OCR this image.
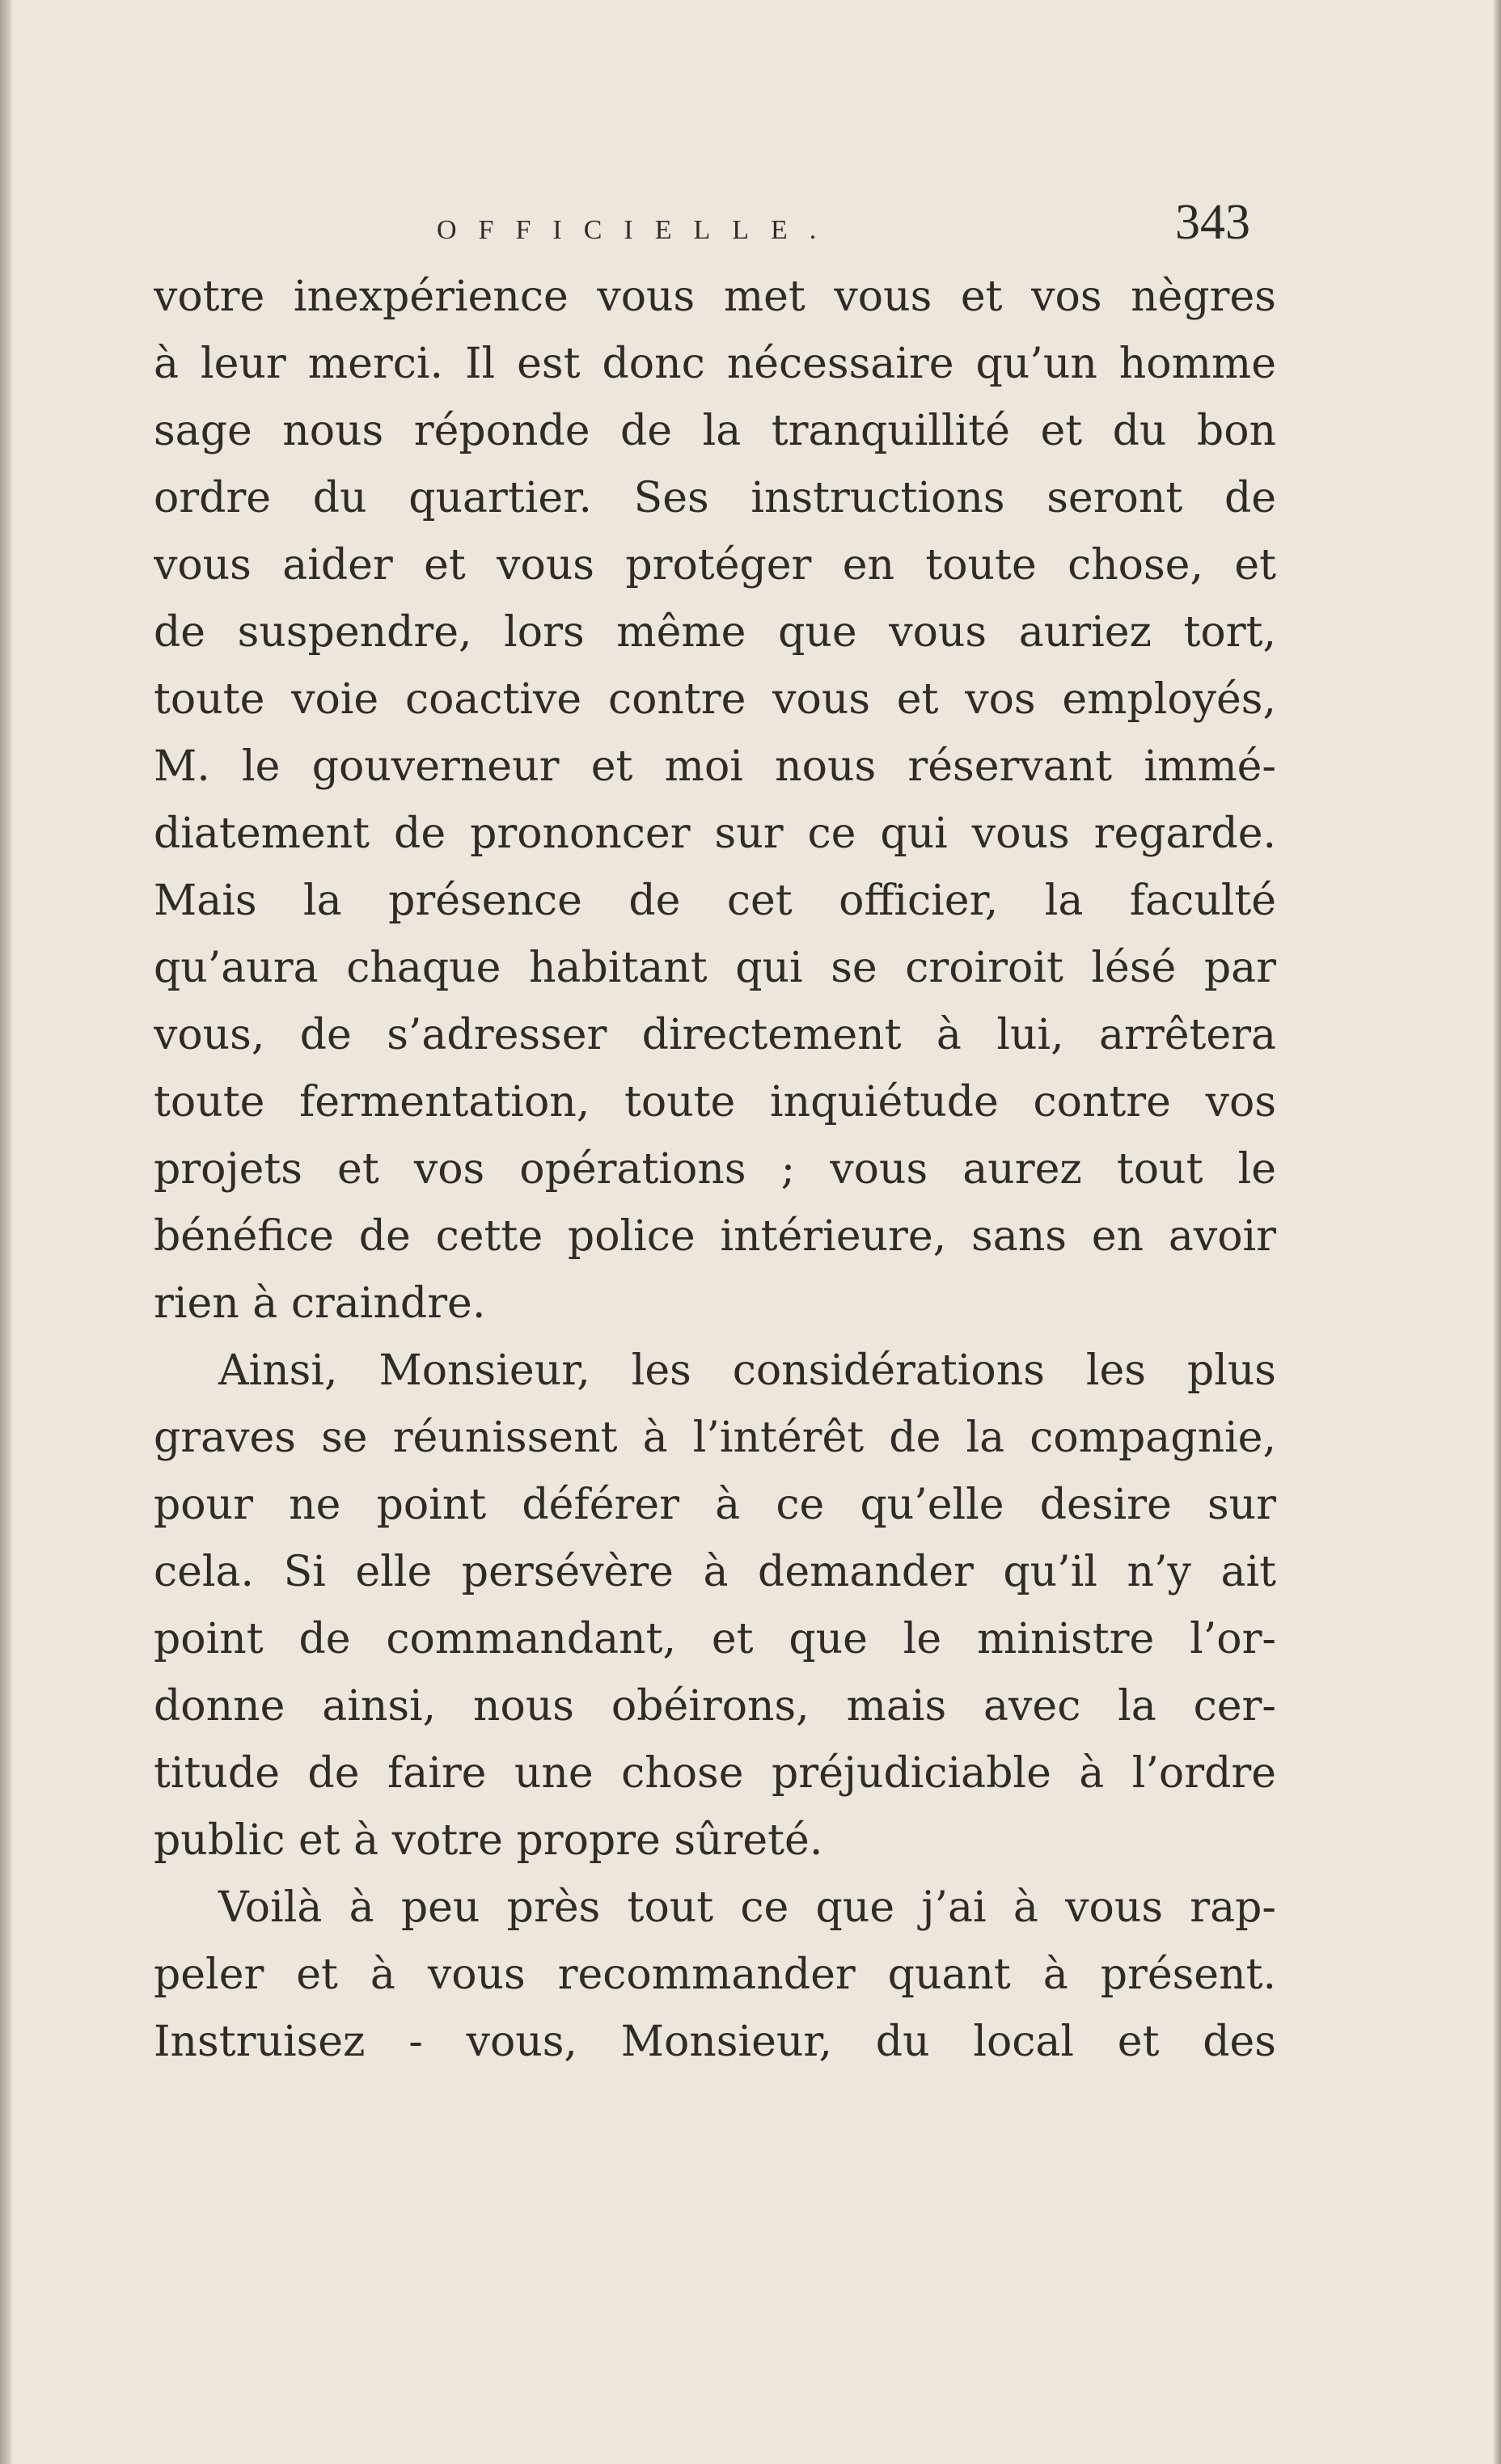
OFFICIELLE.	343
votre inexpérience vous met vous et vos nègres
à leur merci. Il est donc nécessaire qu’un homme
sage nous réponde de la tranquillité et du bon
ordre du quartier. Ses instructions seront de
vous aider et vous protéger en toute chose, et
de suspendre, lors même que vous auriez tort,
toute voie coactive contre vous et vos employés,
M. le gouverneur et moi nous réservant immé-
diatement de prononcer sur ce qui vous regarde.
Mais la présence de cet officier, la faculté
qu’aura chaque habitant qui se croiroit lésé par
vous, de s’adresser directement à lui, arrêtera
toute fermentation, toute inquiétude contre vos
projets et vos opérations ; vous aurez tout le
bénéfice de cette police intérieure, sans en avoir
rien à craindre.
Ainsi, Monsieur, les considérations les plus
graves se réunissent à l’intérêt de la compagnie,
pour ne point déférer à ce qu’elle desire sur
cela. Si elle persévère à demander qu’il n’y ait
point de commandant, et que le ministre l’or-
donne ainsi, nous obéirons, mais avec la cer-
titude de faire une chose préjudiciable à l’ordre
public et à votre propre sûreté.
Voilà à peu près tout ce que j’ai à vous rap-
peler et à vous recommander quant à présent.
Instruisez - vous, Monsieur, du local et des
